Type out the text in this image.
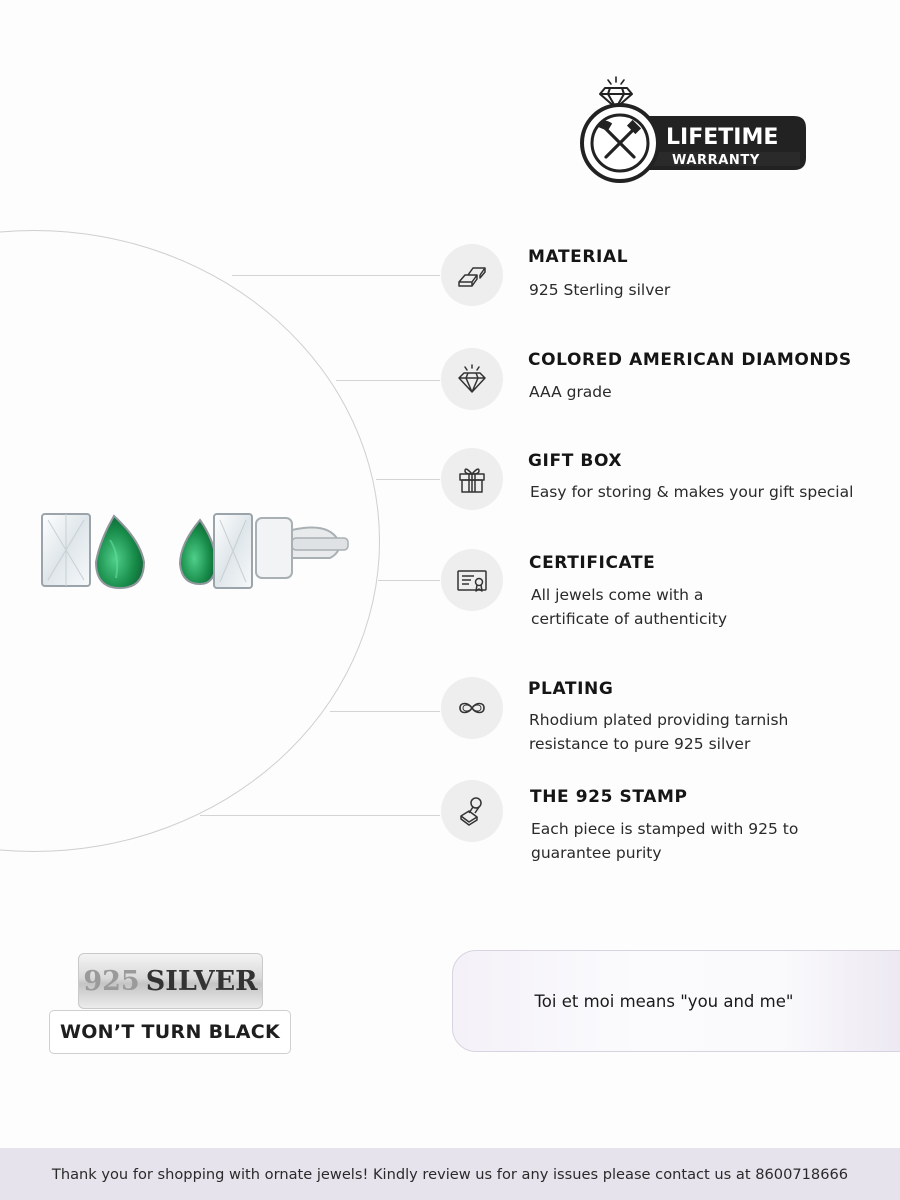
LIFETIME
WARRANTY
MATERIAL
925 Sterling silver
COLORED AMERICAN DIAMONDS
AAA grade
GIFT BOX
Easy for storing & makes your gift special
CERTIFICATE
All jewels come with a
certificate of authenticity
PLATING
Rhodium plated providing tarnish
resistance to pure 925 silver
THE 925 STAMP
Each piece is stamped with 925 to
guarantee purity
925 SILVER
WON’T TURN BLACK
Toi et moi means "you and me"
Thank you for shopping with ornate jewels! Kindly review us for any issues please contact us at 8600718666
